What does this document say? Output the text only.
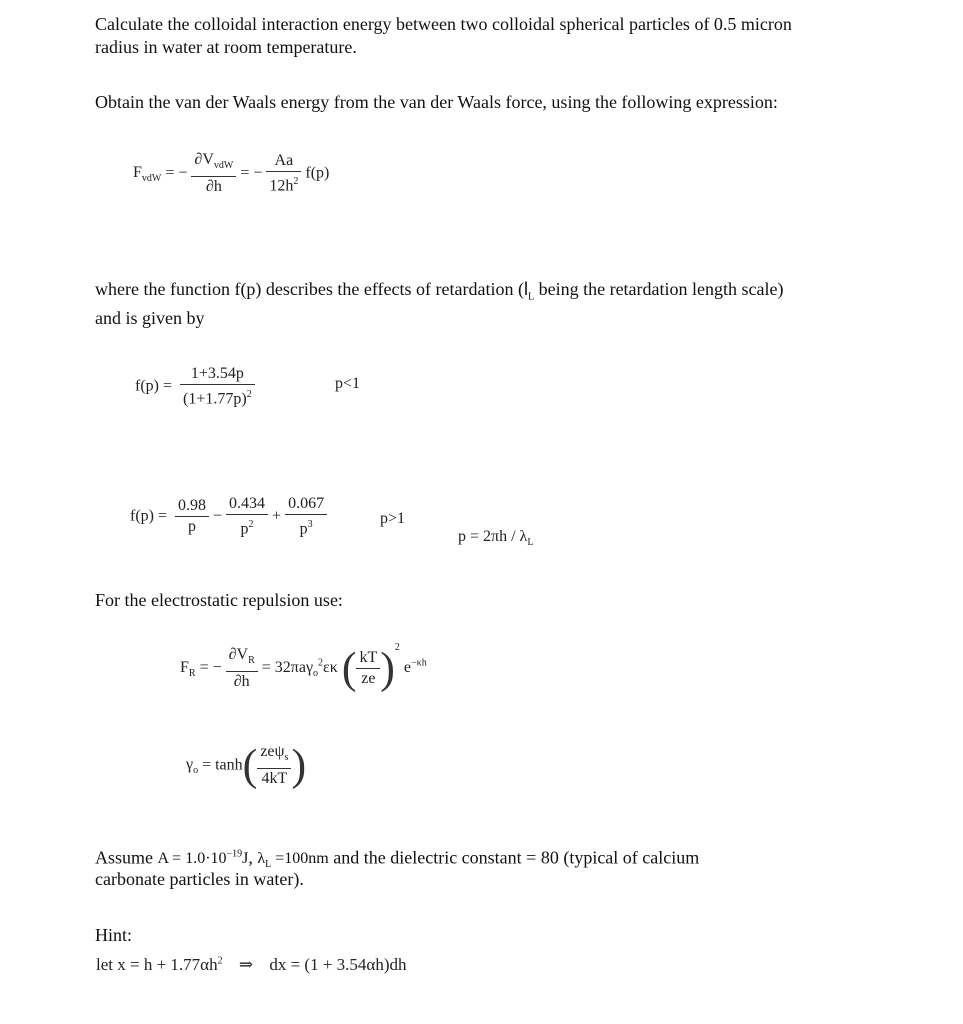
Calculate the colloidal interaction energy between two colloidal spherical particles of 0.5 micron
radius in water at room temperature.
Obtain the van der Waals energy from the van der Waals force, using the following expression:
$F_{vdW}$ = − $\frac{\partial V_{vdW}}{\partial h}$ = − $\frac{Aa}{12h^2} f(p)$
where the function f(p) describes the effects of retardation ($l_L$ being the retardation length scale)
and is given by
$f(p) = \frac{1+3.54p}{(1+1.77p)^2}$	p<1
$f(p) = \frac{0.98}{p} - \frac{0.434}{p^2} + \frac{0.067}{p^3}$	p>1
$p = 2\pi h / \lambda_L$
For the electrostatic repulsion use:
$F_R$ = − $\frac{\partial V_R}{\partial h} = 32\pi a\gamma_o^2\varepsilon\kappa$ ( $\frac{kT}{ze} )^2$ $e^{-\kappa h}$
$\gamma_o = \tanh( \frac{ze\psi_s}{4kT}$ )
Assume $A = 1.0\cdot 10^{-19}J$, $\lambda_L =100nm$ and the dielectric constant = 80 (typical of calcium
carbonate particles in water).
Hint:
let $x = h + 1.77\alpha h^2$ ⇒ dx = (1 + 3.54αh)dh
